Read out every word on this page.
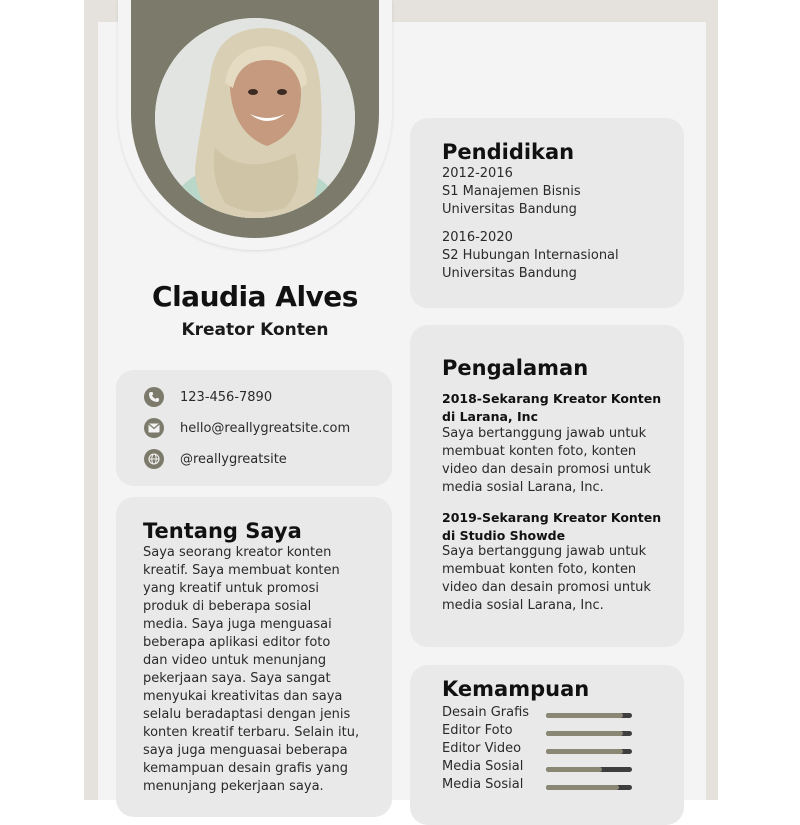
Claudia Alves
Kreator Konten
123-456-7890
hello@reallygreatsite.com
@reallygreatsite
Tentang Saya
Saya seorang kreator konten
kreatif. Saya membuat konten
yang kreatif untuk promosi
produk di beberapa sosial
media. Saya juga menguasai
beberapa aplikasi editor foto
dan video untuk menunjang
pekerjaan saya. Saya sangat
menyukai kreativitas dan saya
selalu beradaptasi dengan jenis
konten kreatif terbaru. Selain itu,
saya juga menguasai beberapa
kemampuan desain grafis yang
menunjang pekerjaan saya.
Pendidikan
2012-2016
S1 Manajemen Bisnis
Universitas Bandung
2016-2020
S2 Hubungan Internasional
Universitas Bandung
Pengalaman
2018-Sekarang Kreator Konten
di Larana, Inc
Saya bertanggung jawab untuk
membuat konten foto, konten
video dan desain promosi untuk
media sosial Larana, Inc.
2019-Sekarang Kreator Konten
di Studio Showde
Saya bertanggung jawab untuk
membuat konten foto, konten
video dan desain promosi untuk
media sosial Larana, Inc.
Kemampuan
Desain Grafis
Editor Foto
Editor Video
Media Sosial
Media Sosial
